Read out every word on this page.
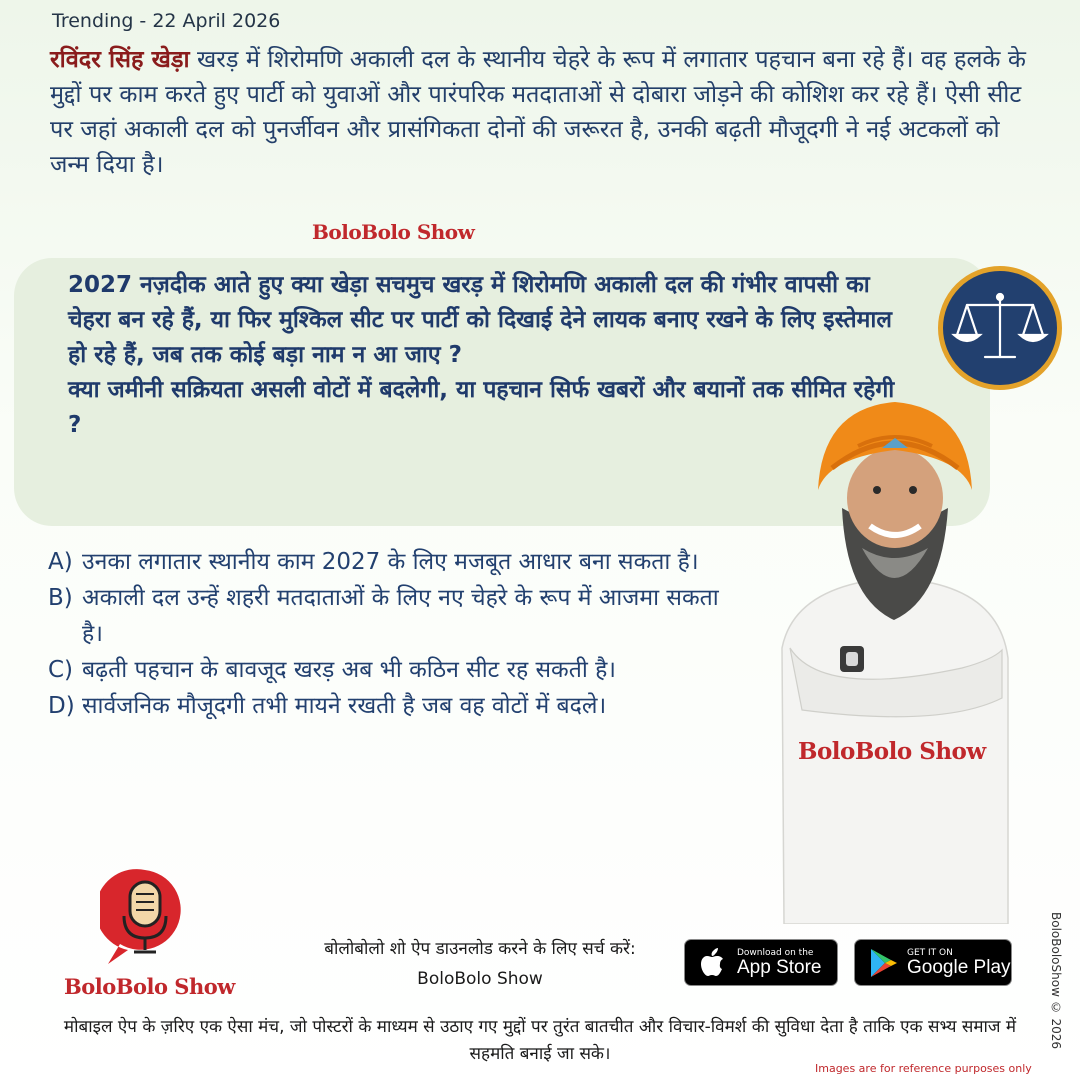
Trending - 22 April 2026

रविंदर सिंह खेड़ा खरड़ में शिरोमणि अकाली दल के स्थानीय चेहरे के रूप में लगातार पहचान बना रहे हैं। वह हलके के मुद्दों पर काम करते हुए पार्टी को युवाओं और पारंपरिक मतदाताओं से दोबारा जोड़ने की कोशिश कर रहे हैं। ऐसी सीट पर जहां अकाली दल को पुनर्जीवन और प्रासंगिकता दोनों की जरूरत है, उनकी बढ़ती मौजूदगी ने नई अटकलों को जन्म दिया है।

BoloBolo Show
2027 नज़दीक आते हुए क्या खेड़ा सचमुच खरड़ में शिरोमणि अकाली दल की गंभीर वापसी का चेहरा बन रहे हैं, या फिर मुश्किल सीट पर पार्टी को दिखाई देने लायक बनाए रखने के लिए इस्तेमाल हो रहे हैं, जब तक कोई बड़ा नाम न आ जाए ?
क्या जमीनी सक्रियता असली वोटों में बदलेगी, या पहचान सिर्फ खबरों और बयानों तक सीमित रहेगी ?
A) उनका लगातार स्थानीय काम 2027 के लिए मजबूत आधार बना सकता है।
B) अकाली दल उन्हें शहरी मतदाताओं के लिए नए चेहरे के रूप में आजमा सकता है।
C) बढ़ती पहचान के बावजूद खरड़ अब भी कठिन सीट रह सकती है।
D) सार्वजनिक मौजूदगी तभी मायने रखती है जब वह वोटों में बदले।
BoloBolo Show
BoloBoloShow © 2026
BoloBolo Show
बोलोबोलो शो ऐप डाउनलोड करने के लिए सर्च करें:
BoloBolo Show
Download on the
App Store
GET IT ON
Google Play
मोबाइल ऐप के ज़रिए एक ऐसा मंच, जो पोस्टरों के माध्यम से उठाए गए मुद्दों पर तुरंत बातचीत और विचार-विमर्श की सुविधा देता है ताकि एक सभ्य समाज में सहमति बनाई जा सके।
Images are for reference purposes only
